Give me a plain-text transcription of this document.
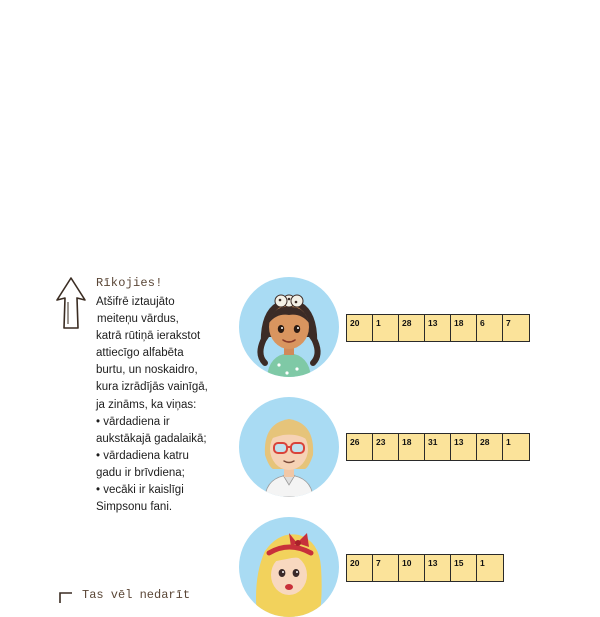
Rīkojies!
Atšifrē iztaujāto
meiteņu vārdus,
katrā rūtiņā ierakstot
attiecīgo alfabēta
burtu, un noskaidro,
kura izrādījās vainīgā,
ja zināms, ka viņas:
• vārdadiena ir
aukstākajā gadalaikā;
• vārdadiena katru
gadu ir brīvdiena;
• vecāki ir kaislīgi
Simpsonu fani.
20	1	28	13	18	6	7
26	23	18	31	13	28	1
20	7	10	13	15	1
Tas vēl nedarīt
